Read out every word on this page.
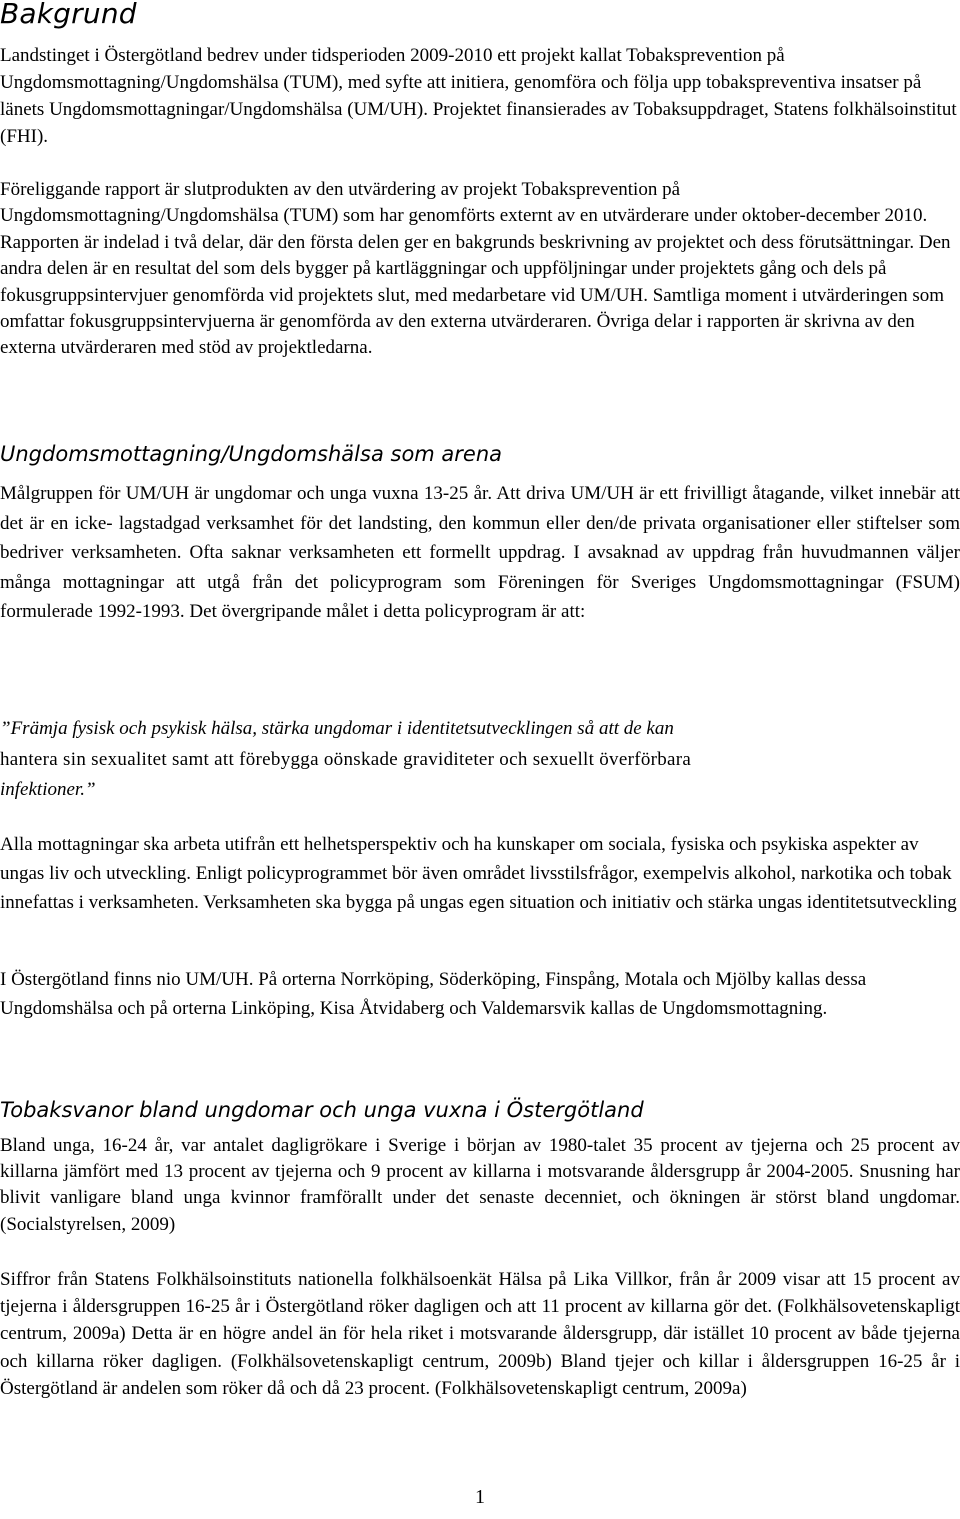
Bakgrund

Landstinget i Östergötland bedrev under tidsperioden 2009-2010 ett projekt kallat Tobaksprevention på Ungdomsmottagning/Ungdomshälsa (TUM), med syfte att initiera, genomföra och följa upp tobakspreventiva insatser på länets Ungdomsmottagningar/Ungdomshälsa (UM/UH). Projektet finansierades av Tobaksuppdraget, Statens folkhälsoinstitut (FHI).

Föreliggande rapport är slutprodukten av den utvärdering av projekt Tobaksprevention på Ungdomsmottagning/Ungdomshälsa (TUM) som har genomförts externt av en utvärderare under oktober-december 2010. Rapporten är indelad i två delar, där den första delen ger en bakgrunds beskrivning av projektet och dess förutsättningar. Den andra delen är en resultat del som dels bygger på kartläggningar och uppföljningar under projektets gång och dels på fokusgruppsintervjuer genomförda vid projektets slut, med medarbetare vid UM/UH. Samtliga moment i utvärderingen som omfattar fokusgruppsintervjuerna är genomförda av den externa utvärderaren. Övriga delar i rapporten är skrivna av den externa utvärderaren med stöd av projektledarna.

Ungdomsmottagning/Ungdomshälsa som arena

Målgruppen för UM/UH är ungdomar och unga vuxna 13-25 år. Att driva UM/UH är ett frivilligt åtagande, vilket innebär att det är en icke- lagstadgad verksamhet för det landsting, den kommun eller den/de privata organisationer eller stiftelser som bedriver verksamheten. Ofta saknar verksamheten ett formellt uppdrag. I avsaknad av uppdrag från huvudmannen väljer många mottagningar att utgå från det policyprogram som Föreningen för Sveriges Ungdomsmottagningar (FSUM) formulerade 1992-1993. Det övergripande målet i detta policyprogram är att:

”Främja fysisk och psykisk hälsa, stärka ungdomar i identitetsutvecklingen så att de kan
hantera sin sexualitet samt att förebygga oönskade graviditeter och sexuellt överförbara
infektioner.”

Alla mottagningar ska arbeta utifrån ett helhetsperspektiv och ha kunskaper om sociala, fysiska och psykiska aspekter av ungas liv och utveckling. Enligt policyprogrammet bör även området livsstilsfrågor, exempelvis alkohol, narkotika och tobak innefattas i verksamheten. Verksamheten ska bygga på ungas egen situation och initiativ och stärka ungas identitetsutveckling

I Östergötland finns nio UM/UH. På orterna Norrköping, Söderköping, Finspång, Motala och Mjölby kallas dessa Ungdomshälsa och på orterna Linköping, Kisa Åtvidaberg och Valdemarsvik kallas de Ungdomsmottagning.

Tobaksvanor bland ungdomar och unga vuxna i Östergötland

Bland unga, 16-24 år, var antalet dagligrökare i Sverige i början av 1980-talet 35 procent av tjejerna och 25 procent av killarna jämfört med 13 procent av tjejerna och 9 procent av killarna i motsvarande åldersgrupp år 2004-2005. Snusning har blivit vanligare bland unga kvinnor framförallt under det senaste decenniet, och ökningen är störst bland ungdomar. (Socialstyrelsen, 2009)

Siffror från Statens Folkhälsoinstituts nationella folkhälsoenkät Hälsa på Lika Villkor, från år 2009 visar att 15 procent av tjejerna i åldersgruppen 16-25 år i Östergötland röker dagligen och att 11 procent av killarna gör det. (Folkhälsovetenskapligt centrum, 2009a) Detta är en högre andel än för hela riket i motsvarande åldersgrupp, där istället 10 procent av både tjejerna och killarna röker dagligen. (Folkhälsovetenskapligt centrum, 2009b) Bland tjejer och killar i åldersgruppen 16-25 år i Östergötland är andelen som röker då och då 23 procent. (Folkhälsovetenskapligt centrum, 2009a)

1
